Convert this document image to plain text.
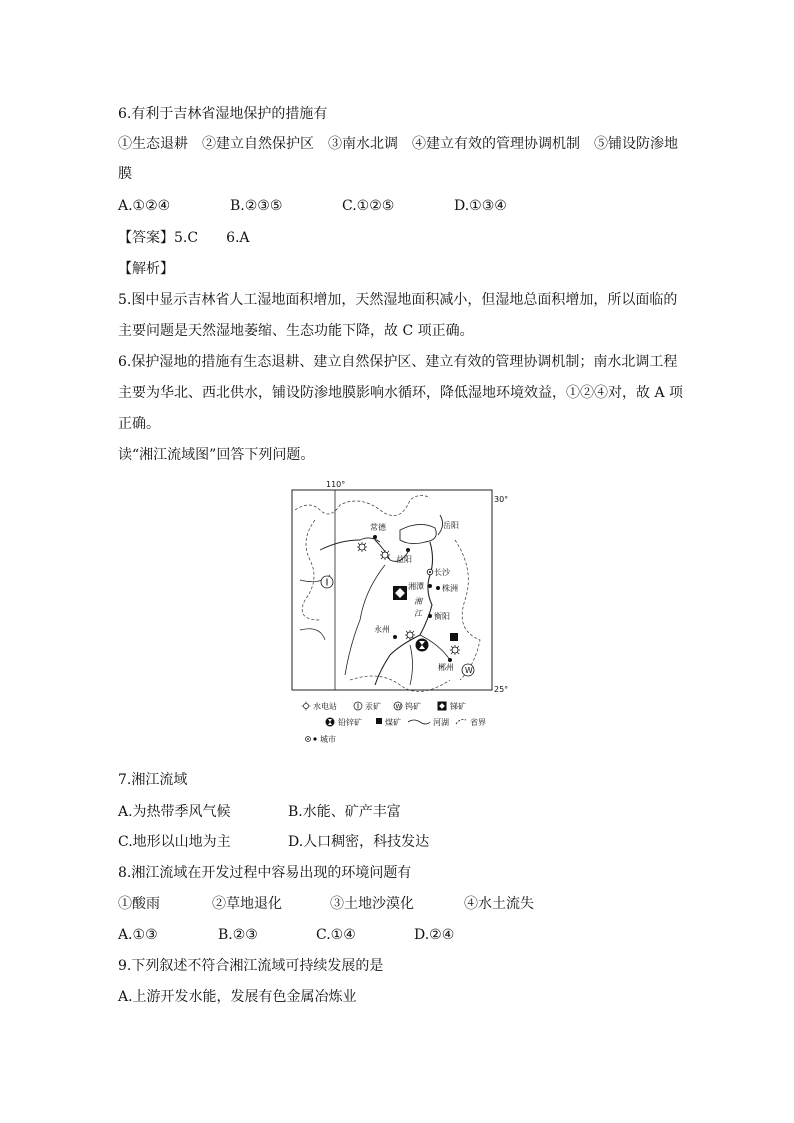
6.有利于吉林省湿地保护的措施有
①生态退耕　②建立自然保护区　③南水北调　④建立有效的管理协调机制　⑤铺设防渗地
膜
A.①②④	B.②③⑤	C.①②⑤	D.①③④
【答案】5.C　　6.A
【解析】
5.图中显示吉林省人工湿地面积增加，天然湿地面积减小，但湿地总面积增加，所以面临的
主要问题是天然湿地萎缩、生态功能下降，故 C 项正确。
6.保护湿地的措施有生态退耕、建立自然保护区、建立有效的管理协调机制；南水北调工程
主要为华北、西北供水，铺设防渗地膜影响水循环，降低湿地环境效益，①②④对，故 A 项
正确。
读“湘江流域图”回答下列问题。
110°
30°
25°
常德	岳阳
益阳
长沙
湘潭 株洲
湘
江 衡阳
永州
郴州 W
水电站	汞矿 W 钨矿	锑矿
铅锌矿	煤矿	河湖	省界
城市
7.湘江流域
A.为热带季风气候	B.水能、矿产丰富
C.地形以山地为主	D.人口稠密，科技发达
8.湘江流域在开发过程中容易出现的环境问题有
①酸雨	②草地退化	③土地沙漠化	④水土流失
A.①③	B.②③	C.①④	D.②④
9.下列叙述不符合湘江流域可持续发展的是
A.上游开发水能，发展有色金属冶炼业
